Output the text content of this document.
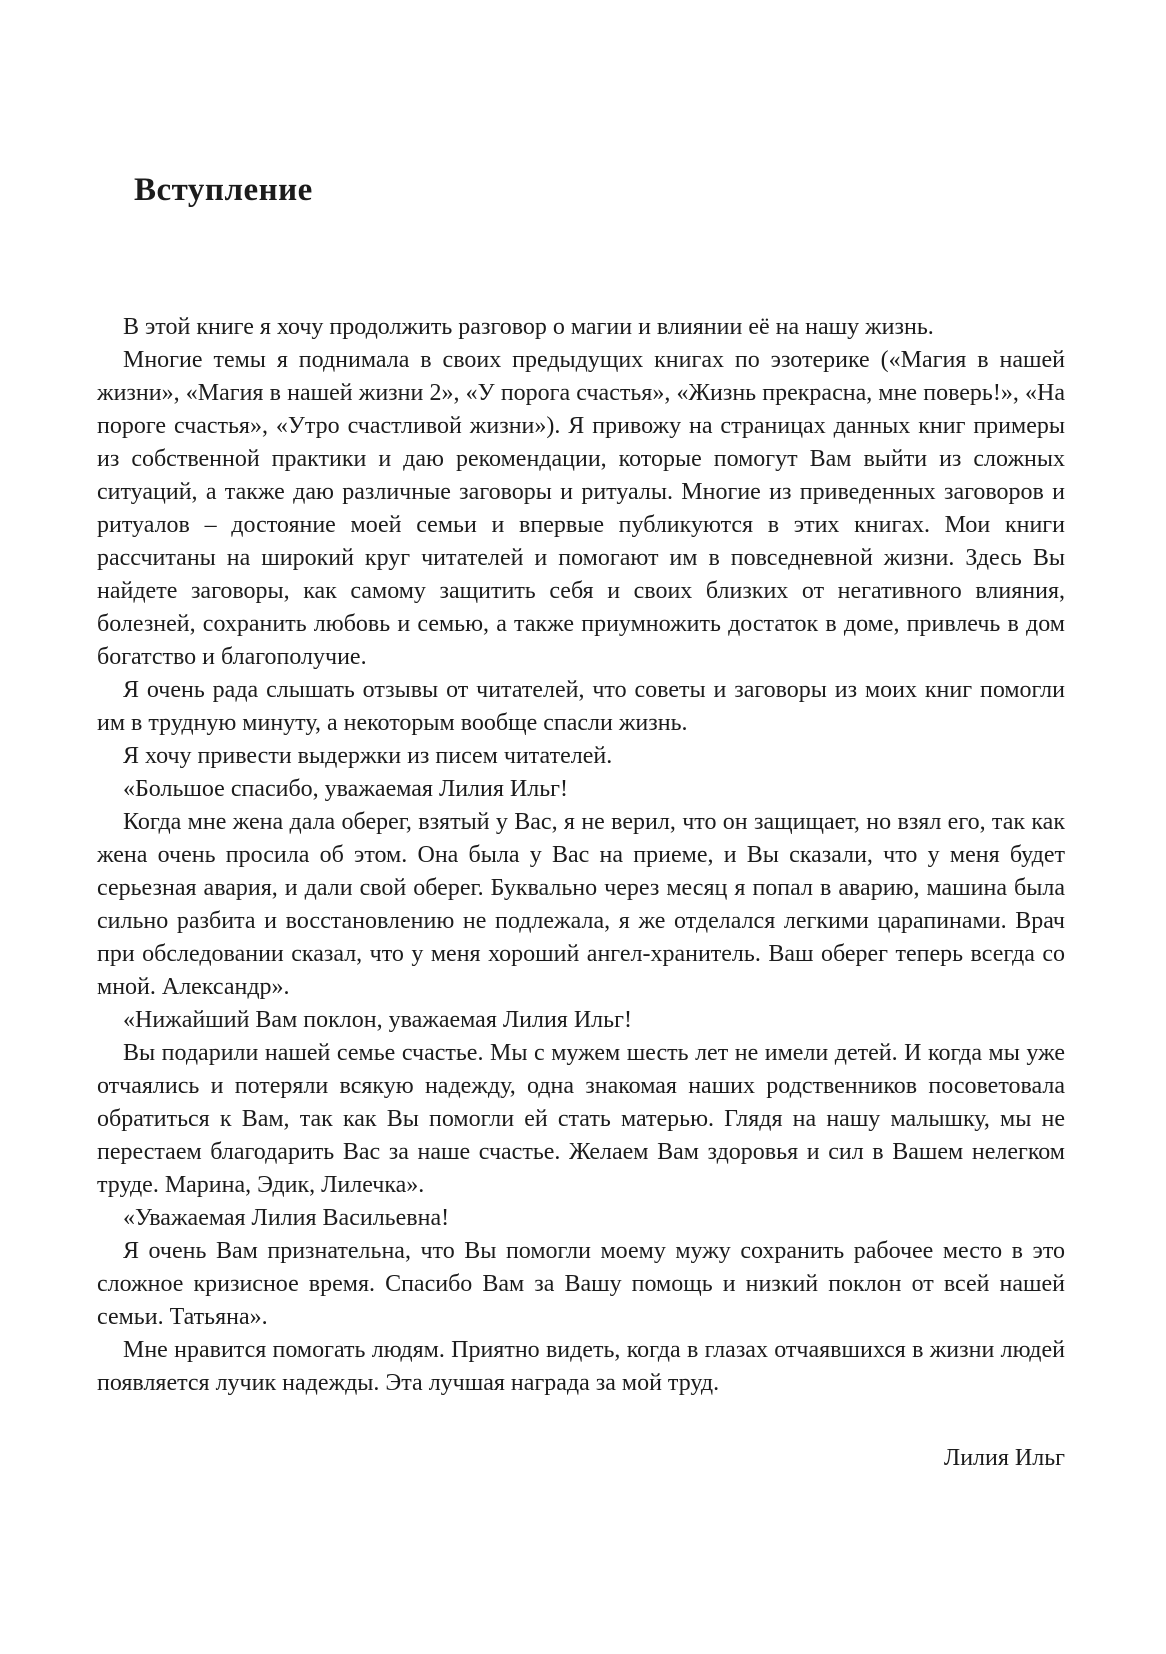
Вступление

В этой книге я хочу продолжить разговор о магии и влиянии её на нашу жизнь.

Многие темы я поднимала в своих предыдущих книгах по эзотерике («Магия в нашей жизни», «Магия в нашей жизни 2», «У порога счастья», «Жизнь прекрасна, мне поверь!», «На пороге счастья», «Утро счастливой жизни»). Я привожу на страницах данных книг примеры из собственной практики и даю рекомендации, которые помогут Вам выйти из сложных ситуаций, а также даю различные заговоры и ритуалы. Многие из приведенных заговоров и ритуалов – достояние моей семьи и впервые публикуются в этих книгах. Мои книги рассчитаны на широкий круг читателей и помогают им в повседневной жизни. Здесь Вы найдете заговоры, как самому защитить себя и своих близких от негативного влияния, болезней, сохранить любовь и семью, а также приумножить достаток в доме, привлечь в дом богатство и благополучие.

Я очень рада слышать отзывы от читателей, что советы и заговоры из моих книг помогли им в трудную минуту, а некоторым вообще спасли жизнь.

Я хочу привести выдержки из писем читателей.

«Большое спасибо, уважаемая Лилия Ильг!

Когда мне жена дала оберег, взятый у Вас, я не верил, что он защищает, но взял его, так как жена очень просила об этом. Она была у Вас на приеме, и Вы сказали, что у меня будет серьезная авария, и дали свой оберег. Буквально через месяц я попал в аварию, машина была сильно разбита и восстановлению не подлежала, я же отделался легкими царапинами. Врач при обследовании сказал, что у меня хороший ангел-хранитель. Ваш оберег теперь всегда со мной. Александр».

«Нижайший Вам поклон, уважаемая Лилия Ильг!

Вы подарили нашей семье счастье. Мы с мужем шесть лет не имели детей. И когда мы уже отчаялись и потеряли всякую надежду, одна знакомая наших родственников посоветовала обратиться к Вам, так как Вы помогли ей стать матерью. Глядя на нашу малышку, мы не перестаем благодарить Вас за наше счастье. Желаем Вам здоровья и сил в Вашем нелегком труде. Марина, Эдик, Лилечка».

«Уважаемая Лилия Васильевна!

Я очень Вам признательна, что Вы помогли моему мужу сохранить рабочее место в это сложное кризисное время. Спасибо Вам за Вашу помощь и низкий поклон от всей нашей семьи. Татьяна».

Мне нравится помогать людям. Приятно видеть, когда в глазах отчаявшихся в жизни людей появляется лучик надежды. Эта лучшая награда за мой труд.

Лилия Ильг
